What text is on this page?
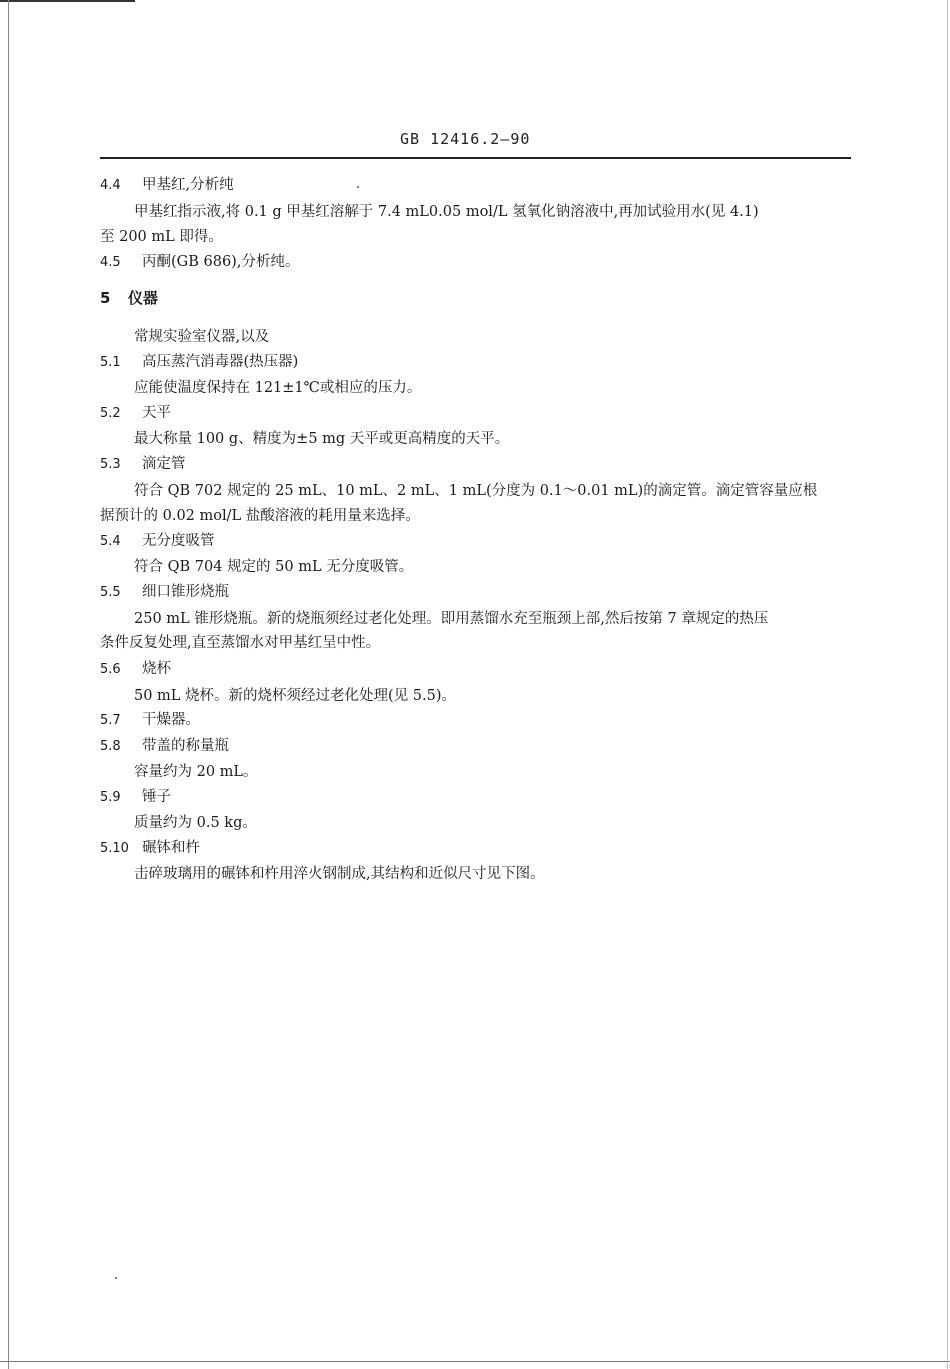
GB 12416.2—90
4.4 甲基红,分析纯
甲基红指示液,将 0.1 g 甲基红溶解于 7.4 mL0.05 mol/L 氢氧化钠溶液中,再加试验用水(见 4.1)
至 200 mL 即得。
4.5 丙酮(GB 686),分析纯。
5 仪器
常规实验室仪器,以及
5.1 高压蒸汽消毒器(热压器)
应能使温度保持在 121±1℃或相应的压力。
5.2 天平
最大称量 100 g、精度为±5 mg 天平或更高精度的天平。
5.3 滴定管
符合 QB 702 规定的 25 mL、10 mL、2 mL、1 mL(分度为 0.1～0.01 mL)的滴定管。滴定管容量应根
据预计的 0.02 mol/L 盐酸溶液的耗用量来选择。
5.4 无分度吸管
符合 QB 704 规定的 50 mL 无分度吸管。
5.5 细口锥形烧瓶
250 mL 锥形烧瓶。新的烧瓶须经过老化处理。即用蒸馏水充至瓶颈上部,然后按第 7 章规定的热压
条件反复处理,直至蒸馏水对甲基红呈中性。
5.6 烧杯
50 mL 烧杯。新的烧杯须经过老化处理(见 5.5)。
5.7 干燥器。
5.8 带盖的称量瓶
容量约为 20 mL。
5.9 锤子
质量约为 0.5 kg。
5.10 碾钵和杵
击碎玻璃用的碾钵和杵用淬火钢制成,其结构和近似尺寸见下图。
